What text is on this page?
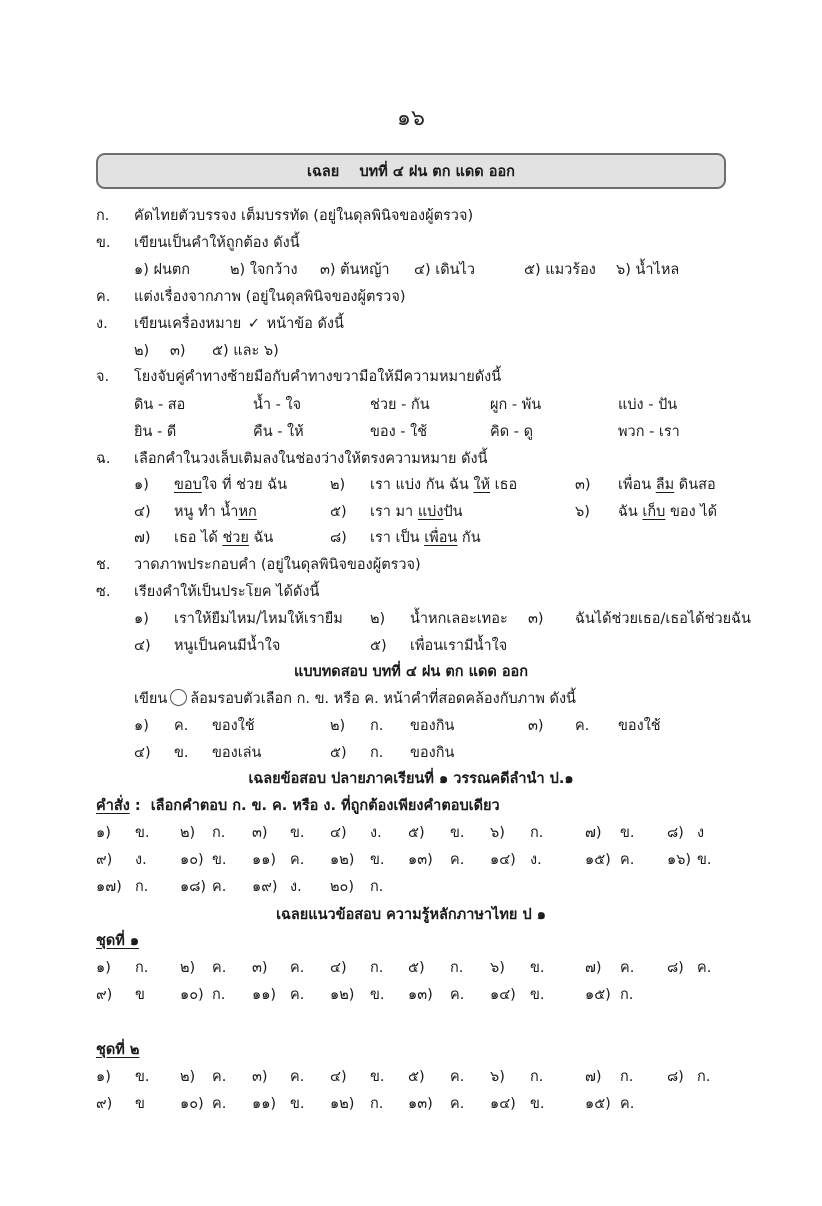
๑๖
เฉลย    บทที่ ๔ ฝน ตก แดด ออก
ก. คัดไทยตัวบรรจง เต็มบรรทัด (อยู่ในดุลพินิจของผู้ตรวจ)
ข. เขียนเป็นคำให้ถูกต้อง ดังนี้
๑) ฝนตก	๒) ใจกว้าง ๓) ต้นหญ้า ๔) เดินไว	๕) แมวร้อง ๖) น้ำไหล
ค. แต่งเรื่องจากภาพ (อยู่ในดุลพินิจของผู้ตรวจ)
ง. เขียนเครื่องหมาย ✓ หน้าข้อ ดังนี้
๒) ๓) ๕) และ ๖)
จ. โยงจับคู่คำทางซ้ายมือกับคำทางขวามือให้มีความหมายดังนี้
ดิน - สอ	น้ำ - ใจ	ช่วย - กัน	ผูก - พัน	แบ่ง - ปัน
ยิน - ดี	คืน - ให้	ของ - ใช้	คิด - ดู	พวก - เรา
ฉ. เลือกคำในวงเล็บเติมลงในช่องว่างให้ตรงความหมาย ดังนี้
๑) ขอบใจ ที่ ช่วย ฉัน	๒) เรา แบ่ง กัน ฉัน ให้ เธอ	๓) เพื่อน ลืม ดินสอ
๔) หนู ทำ น้ำหก	๕) เรา มา แบ่งปัน	๖) ฉัน เก็บ ของ ได้
๗) เธอ ได้ ช่วย ฉัน	๘) เรา เป็น เพื่อน กัน
ช. วาดภาพประกอบคำ (อยู่ในดุลพินิจของผู้ตรวจ)
ซ. เรียงคำให้เป็นประโยค ได้ดังนี้
๑) เราให้ยืมไหม/ไหมให้เรายืม ๒) น้ำหกเลอะเทอะ ๓) ฉันได้ช่วยเธอ/เธอได้ช่วยฉัน
๔) หนูเป็นคนมีน้ำใจ	๕) เพื่อนเรามีน้ำใจ
แบบทดสอบ บทที่ ๔ ฝน ตก แดด ออก
เขียน ล้อมรอบตัวเลือก ก. ข. หรือ ค. หน้าคำที่สอดคล้องกับภาพ ดังนี้
๑) ค. ของใช้	๒) ก. ของกิน	๓) ค. ของใช้
๔) ข. ของเล่น	๕) ก. ของกิน
เฉลยข้อสอบ ปลายภาคเรียนที่ ๑ วรรณคดีลำนำ ป.๑
คำสั่ง :  เลือกคำตอบ ก. ข. ค. หรือ ง. ที่ถูกต้องเพียงคำตอบเดียว
๑) ข. ๒) ก. ๓) ข. ๔) ง. ๕) ข. ๖) ก.	๗) ข. ๘) ง
๙) ง. ๑๐) ข. ๑๑) ค. ๑๒) ข. ๑๓) ค. ๑๔) ง.	๑๕) ค. ๑๖) ข.
๑๗) ก. ๑๘) ค. ๑๙) ง. ๒๐) ก.
เฉลยแนวข้อสอบ ความรู้หลักภาษาไทย ป ๑
ชุดที่ ๑
๑) ก. ๒) ค. ๓) ค. ๔) ก. ๕) ก. ๖) ข.	๗) ค. ๘) ค.
๙) ข ๑๐) ก. ๑๑) ค. ๑๒) ข. ๑๓) ค. ๑๔) ข.	๑๕) ก.
ชุดที่ ๒
๑) ข. ๒) ค. ๓) ค. ๔) ข. ๕) ค. ๖) ก.	๗) ก. ๘) ก.
๙) ข ๑๐) ค. ๑๑) ข. ๑๒) ก. ๑๓) ค. ๑๔) ข.	๑๕) ค.
